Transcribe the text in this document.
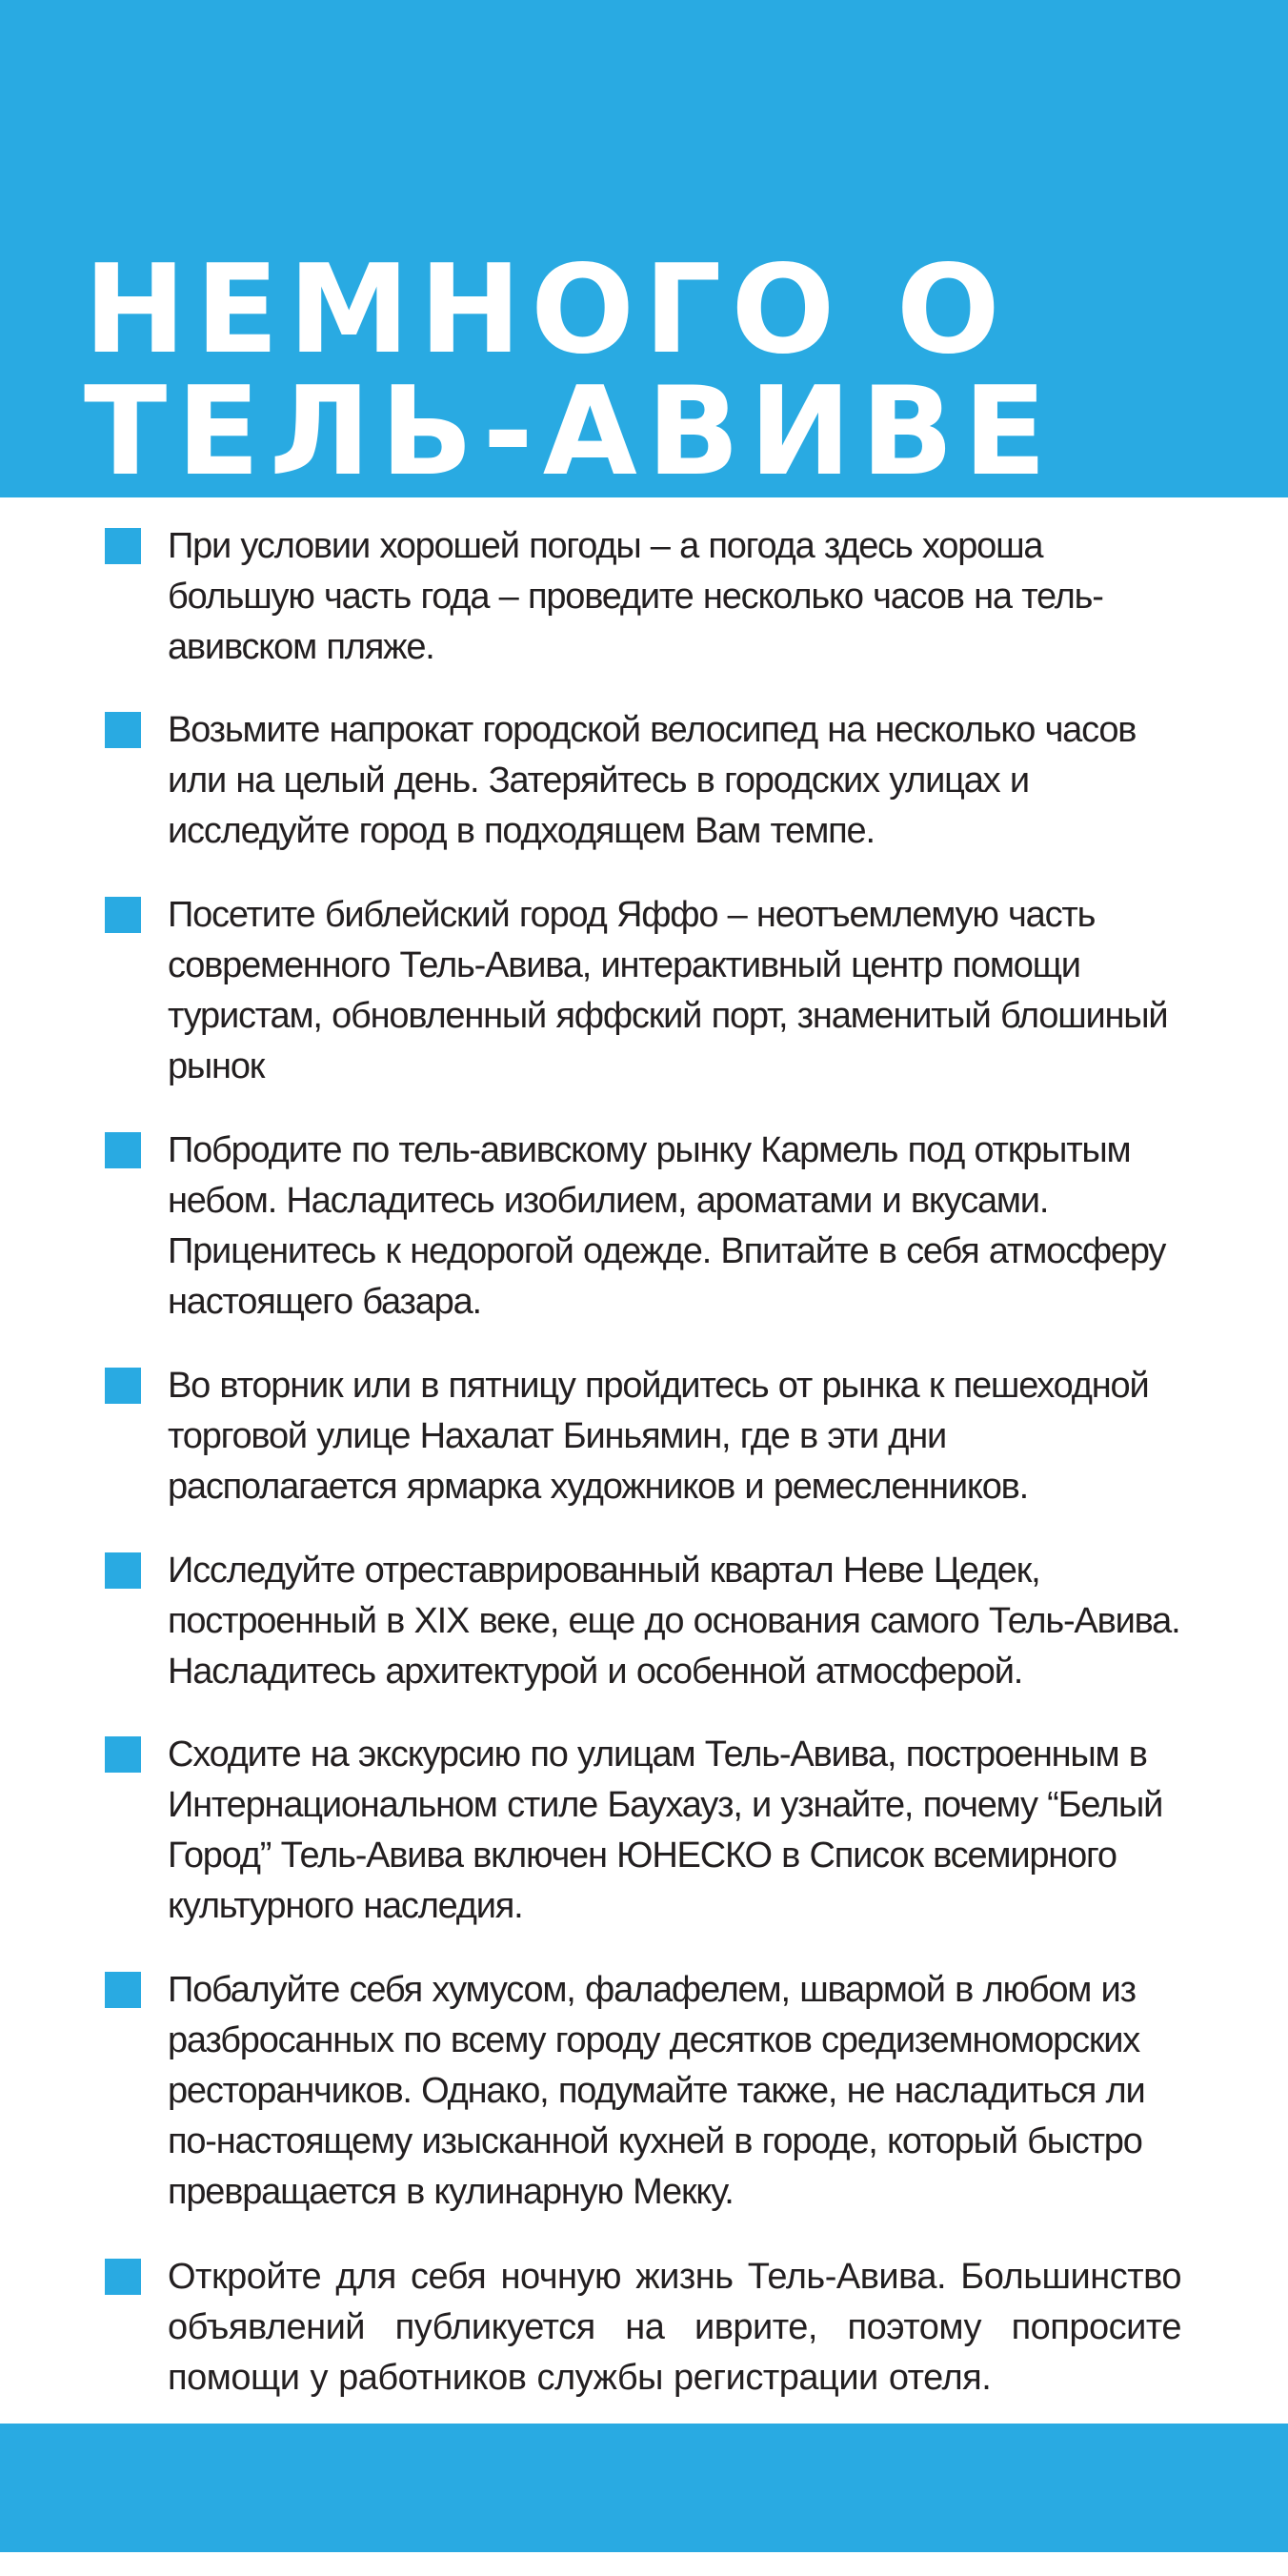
НЕМНОГО О
ТЕЛЬ-АВИВЕ

При условии хорошей погоды – а погода здесь хороша большую часть года – проведите несколько часов на тель-авивском пляже.

Возьмите напрокат городской велосипед на несколько часов или на целый день. Затеряйтесь в городских улицах и исследуйте город в подходящем Вам темпе.

Посетите библейский город Яффо – неотъемлемую часть современного Тель-Авива, интерактивный центр помощи туристам, обновленный яффский порт, знаменитый блошиный рынок

Побродите по тель-авивскому рынку Кармель под открытым небом. Насладитесь изобилием, ароматами и вкусами. Приценитесь к недорогой одежде. Впитайте в себя атмосферу настоящего базара.

Во вторник или в пятницу пройдитесь от рынка к пешеходной торговой улице Нахалат Биньямин, где в эти дни располагается ярмарка художников и ремесленников.

Исследуйте отреставрированный квартал Неве Цедек, построенный в XIX веке, еще до основания самого Тель-Авива. Насладитесь архитектурой и особенной атмосферой.

Сходите на экскурсию по улицам Тель-Авива, построенным в Интернациональном стиле Баухауз, и узнайте, почему “Белый Город” Тель-Авива включен ЮНЕСКО в Список всемирного культурного наследия.

Побалуйте себя хумусом, фалафелем, швармой в любом из разбросанных по всему городу десятков средиземноморских ресторанчиков. Однако, подумайте также, не насладиться ли по-настоящему изысканной кухней в городе, который быстро превращается в кулинарную Мекку.

Откройте для себя ночную жизнь Тель-Авива. Большинство объявлений публикуется на иврите, поэтому попросите помощи у работников службы регистрации отеля.
